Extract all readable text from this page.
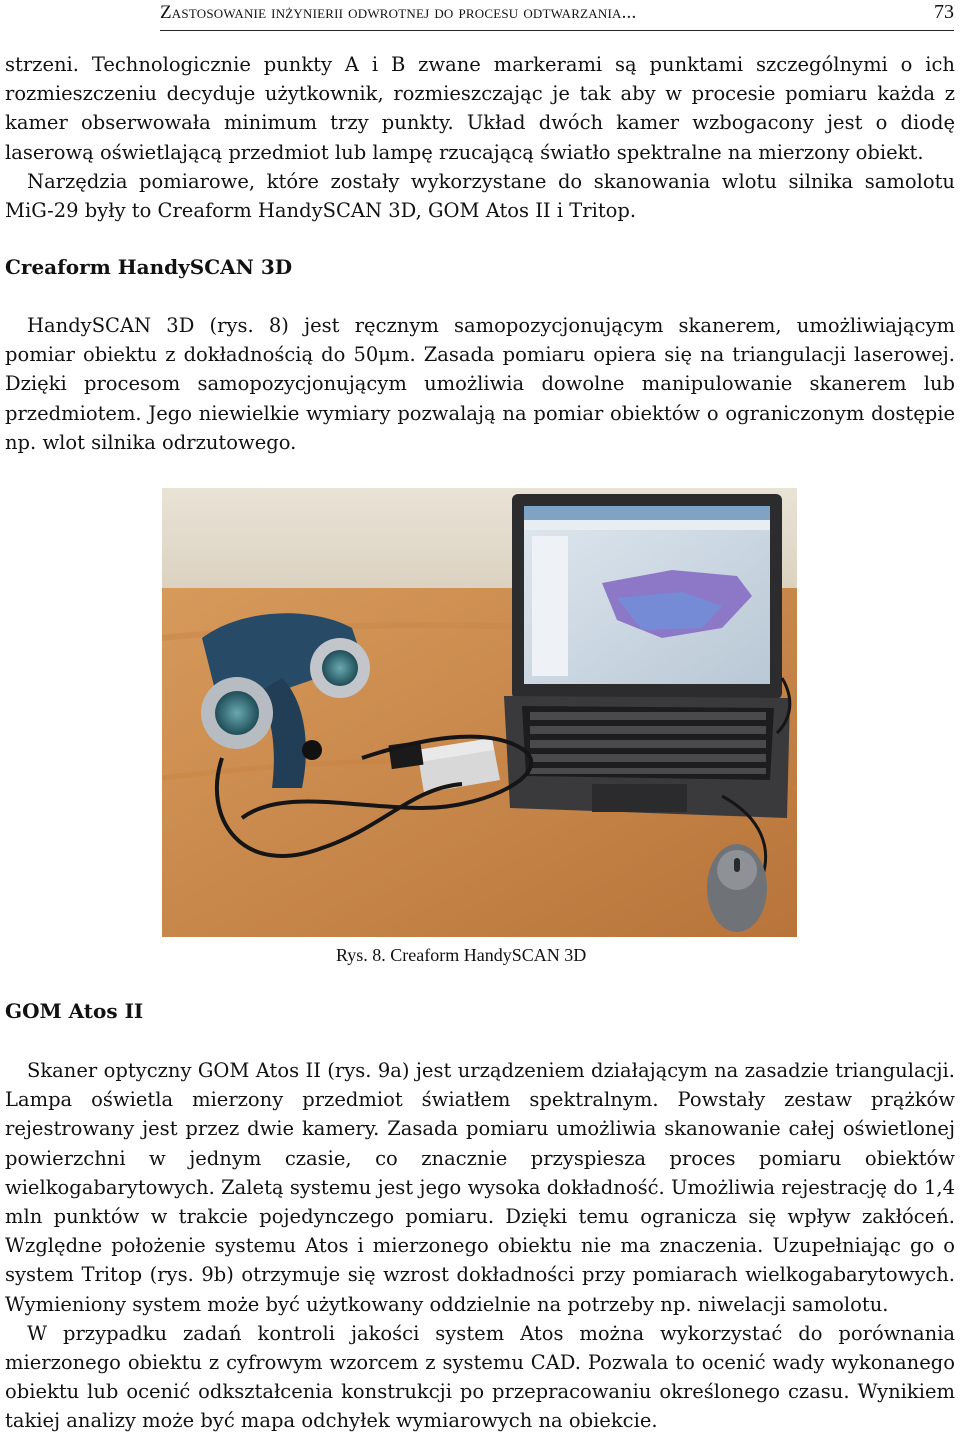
Zastosowanie inżynierii odwrotnej do procesu odtwarzania...	73

strzeni. Technologicznie punkty A i B zwane markerami są punktami szczególnymi o ich rozmieszczeniu decyduje użytkownik, rozmieszczając je tak aby w procesie pomiaru każda z kamer obserwowała minimum trzy punkty. Układ dwóch kamer wzbogacony jest o diodę laserową oświetlającą przedmiot lub lampę rzucającą światło spektralne na mierzony obiekt.

Narzędzia pomiarowe, które zostały wykorzystane do skanowania wlotu silnika samolotu MiG-29 były to Creaform HandySCAN 3D, GOM Atos II i Tritop.

Creaform HandySCAN 3D

HandySCAN 3D (rys. 8) jest ręcznym samopozycjonującym skanerem, umożliwiającym pomiar obiektu z dokładnością do 50μm. Zasada pomiaru opiera się na triangulacji laserowej. Dzięki procesom samopozycjonującym umożliwia dowolne manipulowanie skanerem lub przedmiotem. Jego niewielkie wymiary pozwalają na pomiar obiektów o ograniczonym dostępie np. wlot silnika odrzutowego.

Rys. 8. Creaform HandySCAN 3D
GOM Atos II

Skaner optyczny GOM Atos II (rys. 9a) jest urządzeniem działającym na zasadzie triangulacji. Lampa oświetla mierzony przedmiot światłem spektralnym. Powstały zestaw prążków rejestrowany jest przez dwie kamery. Zasada pomiaru umożliwia skanowanie całej oświetlonej powierzchni w jednym czasie, co znacznie przyspiesza proces pomiaru obiektów wielkogabarytowych. Zaletą systemu jest jego wysoka dokładność. Umożliwia rejestrację do 1,4 mln punktów w trakcie pojedynczego pomiaru. Dzięki temu ogranicza się wpływ zakłóceń. Względne położenie systemu Atos i mierzonego obiektu nie ma znaczenia. Uzupełniając go o system Tritop (rys. 9b) otrzymuje się wzrost dokładności przy pomiarach wielkogabarytowych. Wymieniony system może być użytkowany oddzielnie na potrzeby np. niwelacji samolotu.

W przypadku zadań kontroli jakości system Atos można wykorzystać do porównania mierzonego obiektu z cyfrowym wzorcem z systemu CAD. Pozwala to ocenić wady wykonanego obiektu lub ocenić odkształcenia konstrukcji po przepracowaniu określonego czasu. Wynikiem takiej analizy może być mapa odchyłek wymiarowych na obiekcie.
